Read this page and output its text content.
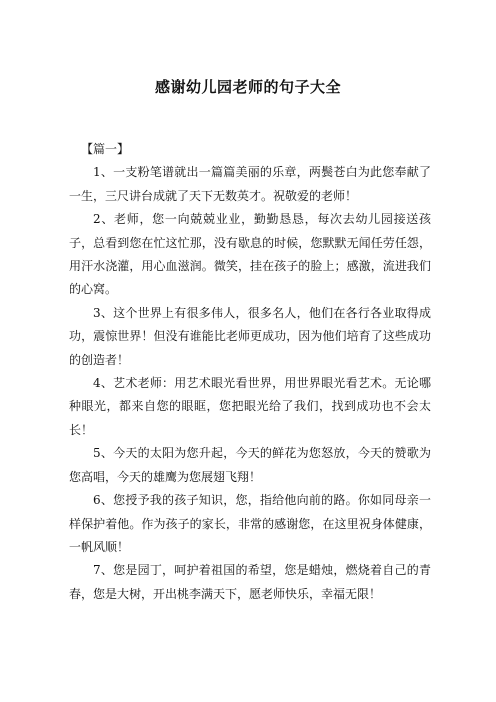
感谢幼儿园老师的句子大全

【篇一】

1、一支粉笔谱就出一篇篇美丽的乐章，两鬓苍白为此您奉献了一生，三尺讲台成就了天下无数英才。祝敬爱的老师！

2、老师，您一向兢兢业业，勤勤恳恳，每次去幼儿园接送孩子，总看到您在忙这忙那，没有歇息的时候，您默默无闻任劳任怨，用汗水浇灌，用心血滋润。微笑，挂在孩子的脸上；感激，流进我们的心窝。

3、这个世界上有很多伟人，很多名人，他们在各行各业取得成功，震惊世界！但没有谁能比老师更成功，因为他们培育了这些成功的创造者！

4、艺术老师：用艺术眼光看世界，用世界眼光看艺术。无论哪种眼光，都来自您的眼眶，您把眼光给了我们，找到成功也不会太长！

5、今天的太阳为您升起，今天的鲜花为您怒放，今天的赞歌为您高唱，今天的雄鹰为您展翅飞翔！

6、您授予我的孩子知识，您，指给他向前的路。你如同母亲一样保护着他。作为孩子的家长，非常的感谢您，在这里祝身体健康，一帆风顺！

7、您是园丁，呵护着祖国的希望，您是蜡烛，燃烧着自己的青春，您是大树，开出桃李满天下，愿老师快乐，幸福无限！
